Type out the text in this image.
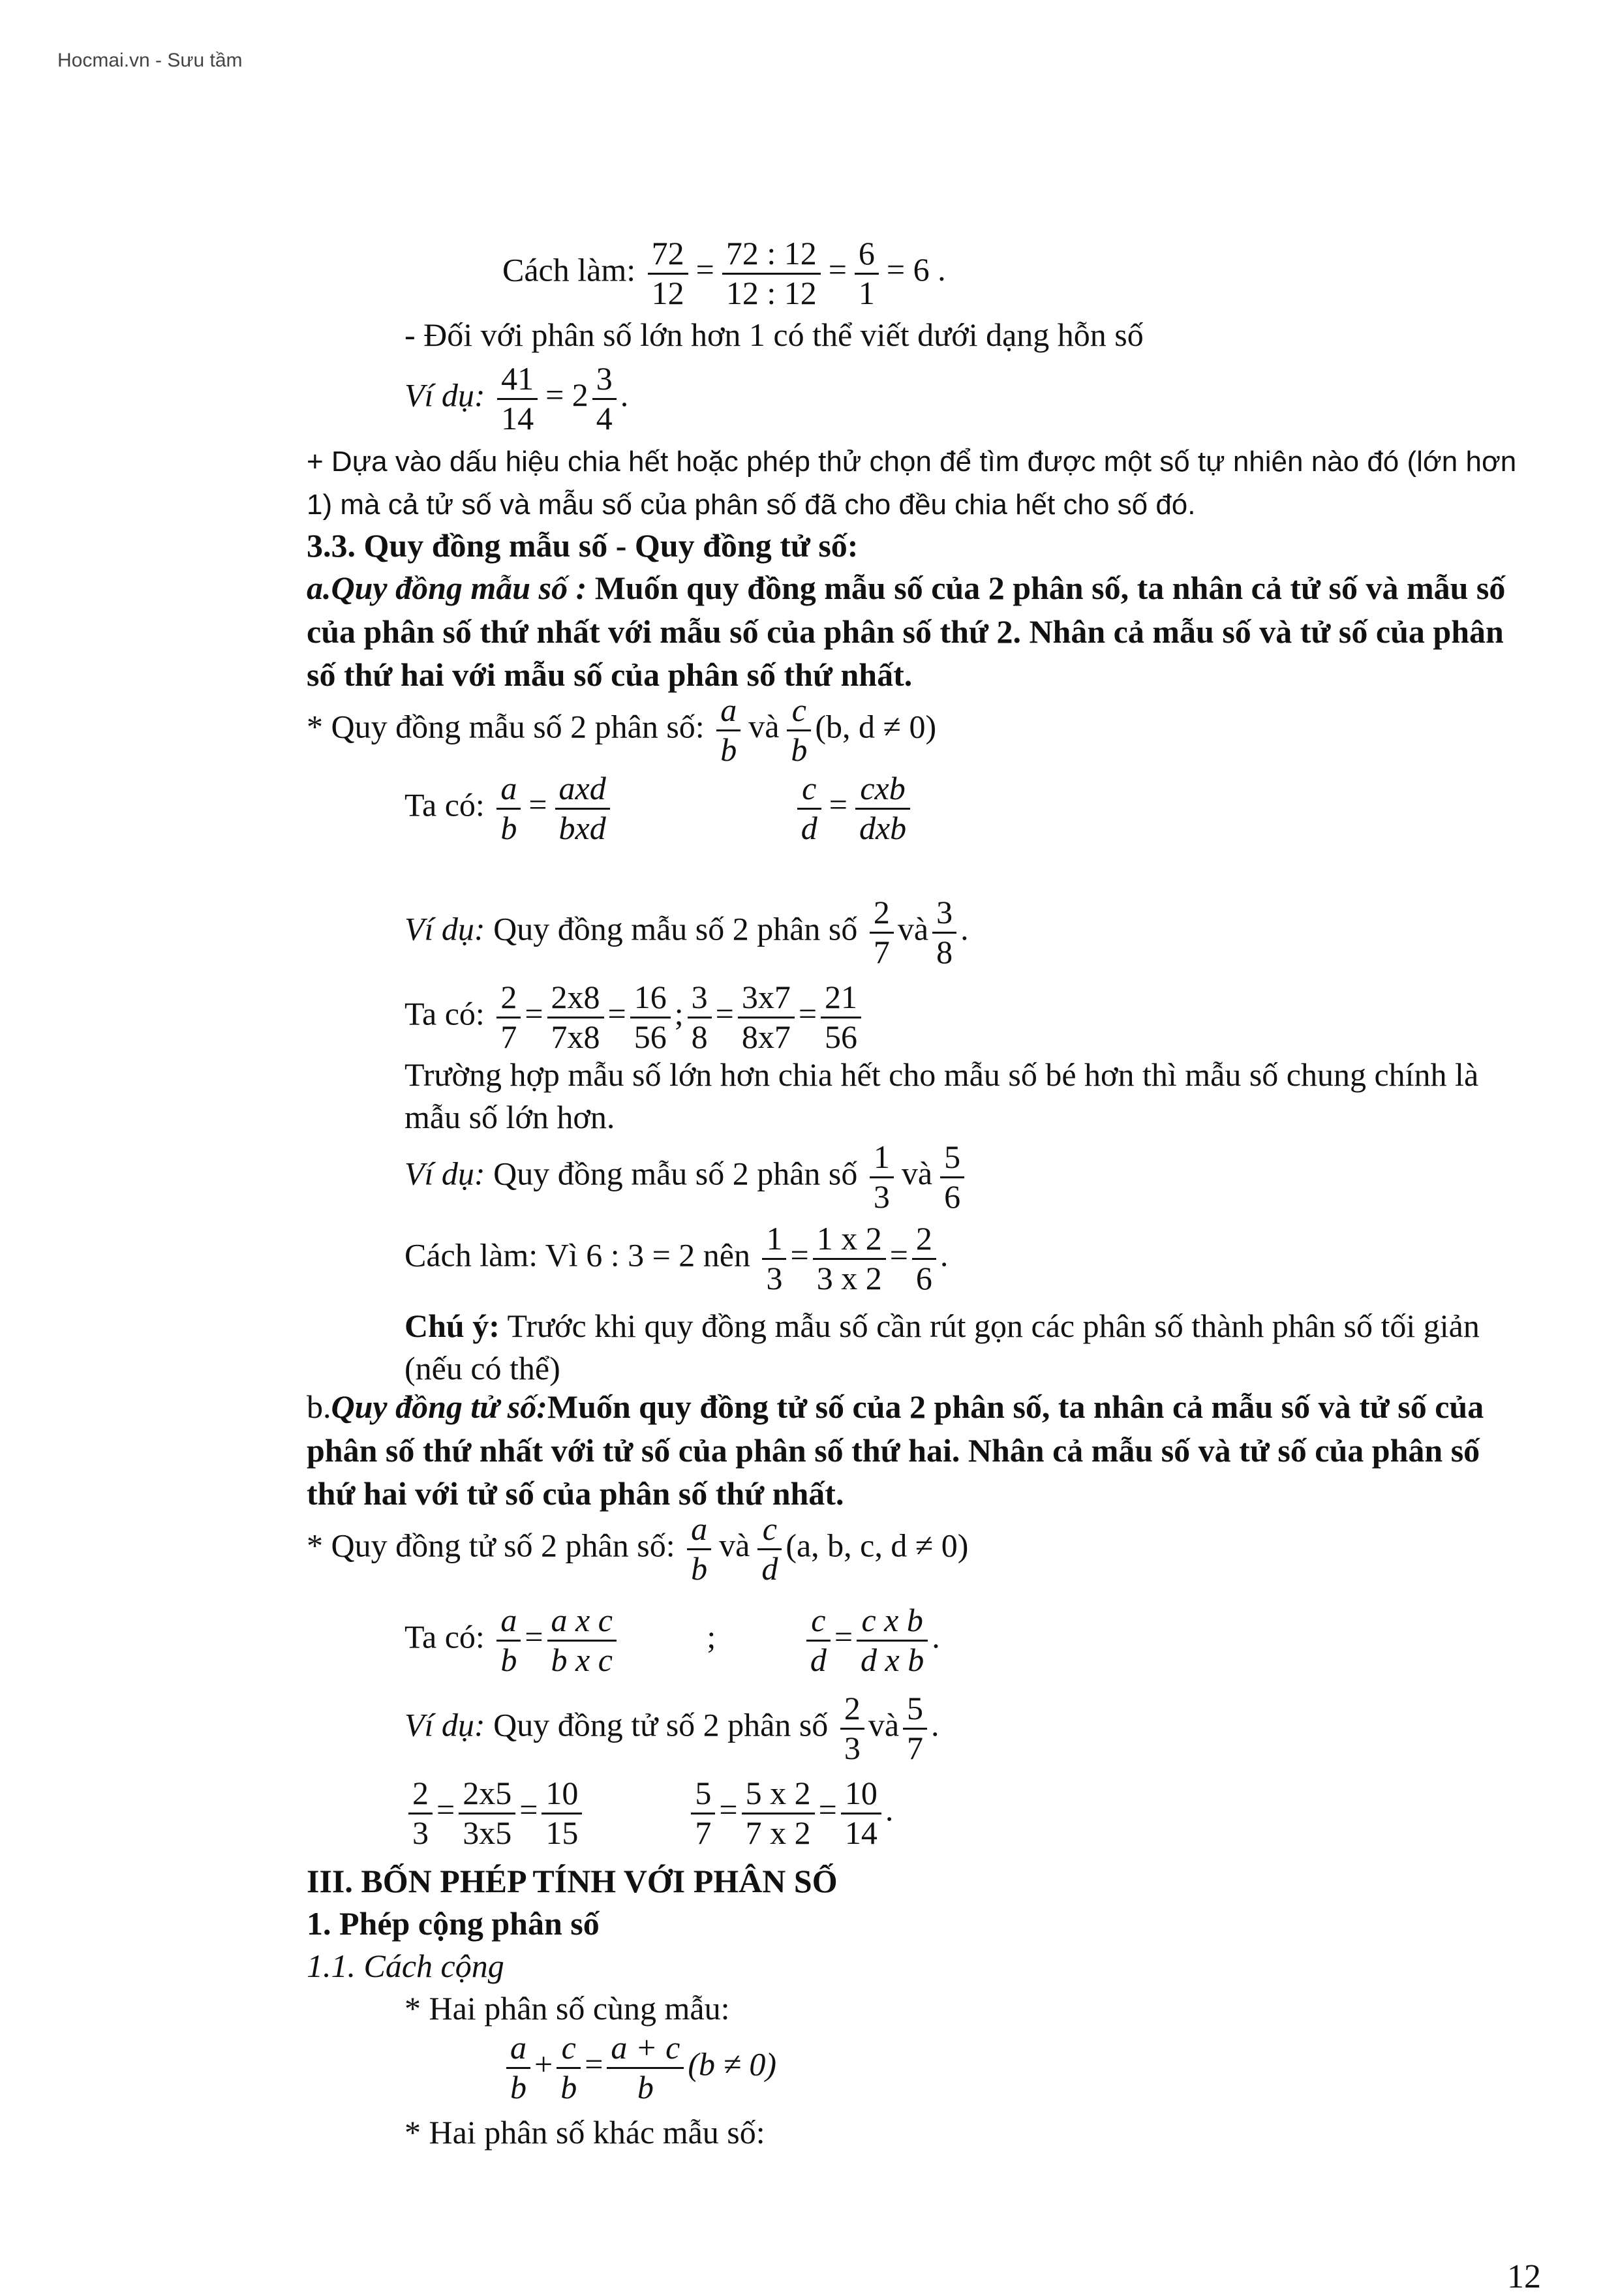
Hocmai.vn - Sưu tầm
Cách làm: $\frac{72}{12} = \frac{72 : 12}{12 : 12} = \frac{6}{1} = 6$ .
- Đối với phân số lớn hơn 1 có thể viết dưới dạng hỗn số
Ví dụ: $\frac{41}{14} = 2 \frac{3}{4}$ .
+ Dựa vào dấu hiệu chia hết hoặc phép thử chọn để tìm được một số tự nhiên nào đó (lớn hơn 1) mà cả tử số và mẫu số của phân số đã cho đều chia hết cho số đó.
3.3. Quy đồng mẫu số - Quy đồng tử số:
a.Quy đồng mẫu số : Muốn quy đồng mẫu số của 2 phân số, ta nhân cả tử số và mẫu số của phân số thứ nhất với mẫu số của phân số thứ 2. Nhân cả mẫu số và tử số của phân số thứ hai với mẫu số của phân số thứ nhất.
* Quy đồng mẫu số 2 phân số: $\frac{a}{b}$ và $\frac{c}{b} (b$, d ≠ 0)
Ta có: $\frac{a}{b} = \frac{\text{axd}}{\text{bxd}}$
	$\frac{c}{d} = \frac{\text{cxb}}{\text{dxb}}$
Ví dụ: Quy đồng mẫu số 2 phân số $\frac{2}{7}$ và $\frac{3}{8}$ .
Ta có: $\frac{2}{7} = \frac{2x8}{7x8} = \frac{16}{56}$ ; $\frac{3}{8} = \frac{3x7}{8x7} = \frac{21}{56}$
Trường hợp mẫu số lớn hơn chia hết cho mẫu số bé hơn thì mẫu số chung chính là mẫu số lớn hơn.
Ví dụ: Quy đồng mẫu số 2 phân số $\frac{1}{3}$ và $\frac{5}{6}$
Cách làm: Vì 6 : 3 = 2 nên $\frac{1}{3} = \frac{1 x 2}{3 x 2} = \frac{2}{6}$ .
Chú ý: Trước khi quy đồng mẫu số cần rút gọn các phân số thành phân số tối giản (nếu có thể)
b.Quy đồng tử số:Muốn quy đồng tử số của 2 phân số, ta nhân cả mẫu số và tử số của phân số thứ nhất với tử số của phân số thứ hai. Nhân cả mẫu số và tử số của phân số thứ hai với tử số của phân số thứ nhất.
* Quy đồng tử số 2 phân số: $\frac{a}{b}$ và $\frac{c}{d} (a$, b, c, d ≠ 0)
Ta có: $\frac{a}{b} = \frac{\text{a x c}}{\text{b x c}}$	;	$\frac{c}{d} = \frac{\text{c x b}}{\text{d x b}}$ .
Ví dụ: Quy đồng tử số 2 phân số $\frac{2}{3}$ và $\frac{5}{7}$ .
$\frac{2}{3} = \frac{2x5}{3x5} = \frac{10}{15}$
	$\frac{5}{7} = \frac{5 x 2}{7 x 2} = \frac{10}{14}$ .
III. BỐN PHÉP TÍNH VỚI PHÂN SỐ
1. Phép cộng phân số
1.1. Cách cộng
* Hai phân số cùng mẫu:
$\frac{a}{b} + \frac{c}{b} = \frac{a + c}{b} (b \ne 0)$
* Hai phân số khác mẫu số:
12
